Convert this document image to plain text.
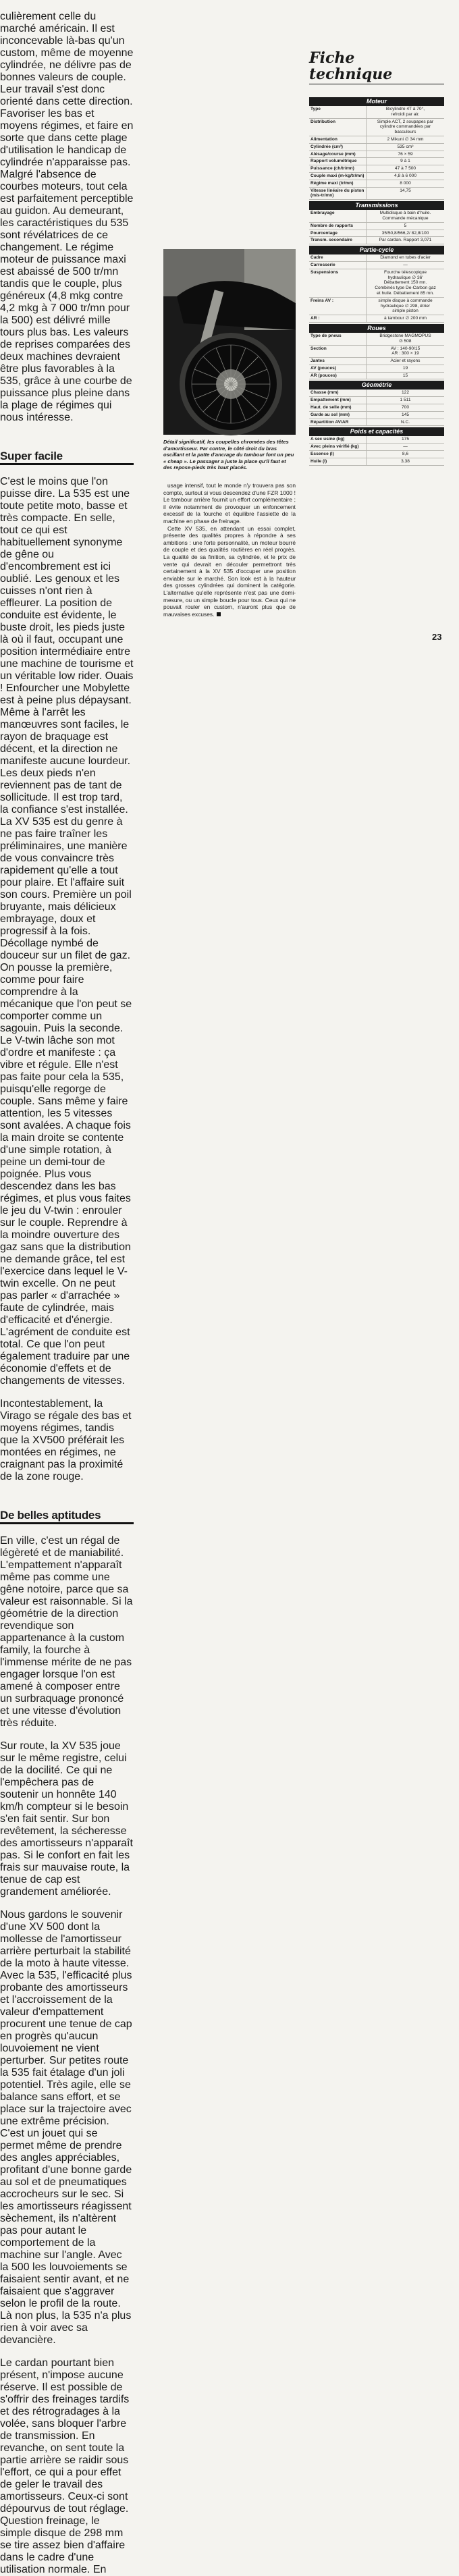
culièrement celle du marché américain. Il est inconcevable là-bas qu'un custom, même de moyenne cylindrée, ne délivre pas de bonnes valeurs de couple. Leur travail s'est donc orienté dans cette direction. Favoriser les bas et moyens régimes, et faire en sorte que dans cette plage d'utilisation le handicap de cylindrée n'apparaisse pas. Malgré l'absence de courbes moteurs, tout cela est parfaitement perceptible au guidon. Au demeurant, les caractéristiques du 535 sont révélatrices de ce changement. Le régime moteur de puissance maxi est abaissé de 500 tr/mn tandis que le couple, plus généreux (4,8 mkg contre 4,2 mkg à 7 000 tr/mn pour la 500) est délivré mille tours plus bas. Les valeurs de reprises comparées des deux machines devraient être plus favorables à la 535, grâce à une courbe de puissance plus pleine dans la plage de régimes qui nous intéresse.

Super facile

C'est le moins que l'on puisse dire. La 535 est une toute petite moto, basse et très compacte. En selle, tout ce qui est habituellement synonyme de gêne ou d'encombrement est ici oublié. Les genoux et les cuisses n'ont rien à effleurer. La position de conduite est évidente, le buste droit, les pieds juste là où il faut, occupant une position intermédiaire entre une machine de tourisme et un véritable low rider. Ouais ! Enfourcher une Mobylette est à peine plus dépaysant. Même à l'arrêt les manœuvres sont faciles, le rayon de braquage est décent, et la direction ne manifeste aucune lourdeur. Les deux pieds n'en reviennent pas de tant de sollicitude. Il est trop tard, la confiance s'est installée. La XV 535 est du genre à ne pas faire traîner les préliminaires, une manière de vous convaincre très rapidement qu'elle a tout pour plaire. Et l'affaire suit son cours. Première un poil bruyante, mais délicieux embrayage, doux et progressif à la fois. Décollage nymbé de douceur sur un filet de gaz. On pousse la première, comme pour faire comprendre à la mécanique que l'on peut se comporter comme un sagouin. Puis la seconde. Le V-twin lâche son mot d'ordre et manifeste : ça vibre et régule. Elle n'est pas faite pour cela la 535, puisqu'elle regorge de couple. Sans même y faire attention, les 5 vitesses sont avalées. A chaque fois la main droite se contente d'une simple rotation, à peine un demi-tour de poignée. Plus vous descendez dans les bas régimes, et plus vous faites le jeu du V-twin : enrouler sur le couple. Reprendre à la moindre ouverture des gaz sans que la distribution ne demande grâce, tel est l'exercice dans lequel le V-twin excelle. On ne peut pas parler « d'arrachée » faute de cylindrée, mais d'efficacité et d'énergie. L'agrément de conduite est total. Ce que l'on peut également traduire par une économie d'effets et de changements de vitesses.

Incontestablement, la Virago se régale des bas et moyens régimes, tandis que la XV500 préférait les montées en régimes, ne craignant pas la proximité de la zone rouge.

De belles aptitudes

En ville, c'est un régal de légèreté et de maniabilité. L'empattement n'apparaît même pas comme une gêne notoire, parce que sa valeur est raisonnable. Si la géométrie de la direction revendique son appartenance à la custom family, la fourche à l'immense mérite de ne pas engager lorsque l'on est amené à composer entre un surbraquage prononcé et une vitesse d'évolution très réduite.

Sur route, la XV 535 joue sur le même registre, celui de la docilité. Ce qui ne l'empêchera pas de soutenir un honnête 140 km/h compteur si le besoin s'en fait sentir. Sur bon revêtement, la sécheresse des amortisseurs n'apparaît pas. Si le confort en fait les frais sur mauvaise route, la tenue de cap est grandement améliorée.

Nous gardons le souvenir d'une XV 500 dont la mollesse de l'amortisseur arrière perturbait la stabilité de la moto à haute vitesse. Avec la 535, l'efficacité plus probante des amortisseurs et l'accroissement de la valeur d'empattement procurent une tenue de cap en progrès qu'aucun louvoiement ne vient perturber. Sur petites route la 535 fait étalage d'un joli potentiel. Très agile, elle se balance sans effort, et se place sur la trajectoire avec une extrême précision. C'est un jouet qui se permet même de prendre des angles appréciables, profitant d'une bonne garde au sol et de pneumatiques accrocheurs sur le sec. Si les amortisseurs réagissent sèchement, ils n'altèrent pas pour autant le comportement de la machine sur l'angle. Avec la 500 les louvoiements se faisaient sentir avant, et ne faisaient que s'aggraver selon le profil de la route. Là non plus, la 535 n'a plus rien à voir avec sa devancière.

Le cardan pourtant bien présent, n'impose aucune réserve. Il est possible de s'offrir des freinages tardifs et des rétrogradages à la volée, sans bloquer l'arbre de transmission. En revanche, on sent toute la partie arrière se raidir sous l'effort, ce qui a pour effet de geler le travail des amortisseurs. Ceux-ci sont dépourvus de tout réglage. Question freinage, le simple disque de 298 mm se tire assez bien d'affaire dans le cadre d'une utilisation normale. En

Détail significatif, les coupelles chromées des têtes d'amortisseur. Par contre, le côté droit du bras oscillant et la patte d'ancrage du tambour font un peu « cheap ». Le passager a juste la place qu'il faut et des repose-pieds très haut placés.

usage intensif, tout le monde n'y trouvera pas son compte, surtout si vous descendez d'une FZR 1000 ! Le tambour arrière fournit un effort complémentaire ; il évite notamment de provoquer un enfoncement excessif de la fourche et équilibre l'assiette de la machine en phase de freinage.

Cette XV 535, en attendant un essai complet, présente des qualités propres à répondre à ses ambitions : une forte personnalité, un moteur bourré de couple et des qualités routières en réel progrès. La qualité de sa finition, sa cylindrée, et le prix de vente qui devrait en découler permettront très certainement à la XV 535 d'occuper une position enviable sur le marché. Son look est à la hauteur des grosses cylindrées qui dominent la catégorie. L'alternative qu'elle représente n'est pas une demi-mesure, ou un simple boucle pour tous. Ceux qui ne pouvait rouler en custom, n'auront plus que de mauvaises excuses.

Fiche
technique
Moteur
Type	Bicylindre 4T à 70°,
refroidi par air.
Distribution	Simple ACT, 2 soupapes par
cylindre commandées par
basculeurs
Alimentation	2 Mikuni ∅ 34 mm
Cylindrée (cm³)	535 cm³
Alésage/course (mm)	76 × 59
Rapport volumétrique	9 à 1
Puissance (ch/tr/mn)	47 à 7 500
Couple maxi (m-kg/tr/mn)	4,8 à 6 000
Régime maxi (tr/mn)	8 000
Vitesse linéaire du piston (m/s-tr/mn)
14,75
Transmissions
Embrayage	Multidisque à bain d'huile.
Commande mécanique
Nombre de rapports	5
Pourcentage	35/50,8/566,2/ 82,8/100
Transm. secondaire	Par cardan. Rapport 3,071
Partie-cycle
Cadre	Diamond en tubes d'acier
Carrosserie	—
Suspensions	Fourche télescopique
hydraulique ∅ 36'
Débattement 150 mn.
Combinés type De-Carbon gaz
et huile. Débattement 85 mn.
Freins AV :	simple disque à commande
hydraulique ∅ 298, étrier
simple piston
AR :	à tambour ∅ 200 mm
Roues
Type de pneus	Bridgestone MAGMOPUS
G 508
Section	AV : 140-90/15
AR : 300 × 19
Jantes	Acier et rayons
AV (pouces)	19
AR (pouces)	15
Géométrie
Chasse (mm)	122
Empattement (mm)	1 511
Haut. de selle (mm)	700
Garde au sol (mm)	145
Répartition AV/AR	N.C.
Poids et capacités
A sec usine (kg)	175
Avec pleins vérifié (kg)	—
Essence (l)	8,6
Huile (l)	3,38
23
